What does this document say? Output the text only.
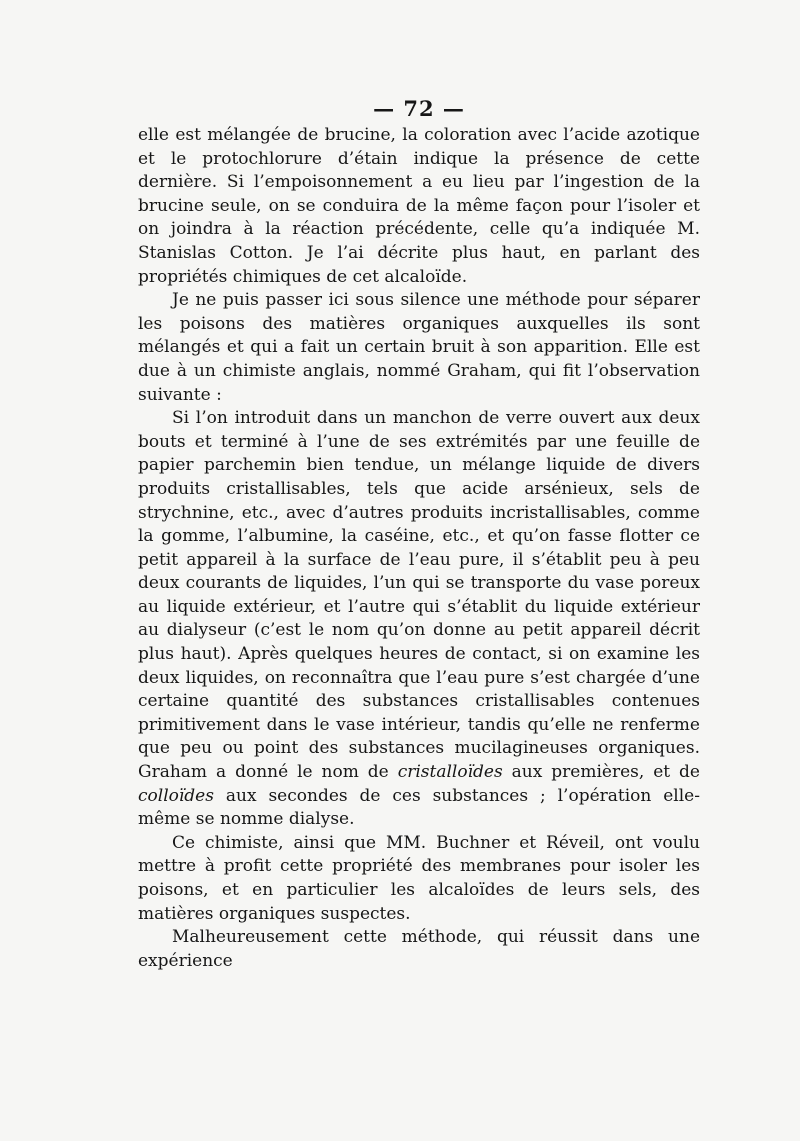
— 72 —

elle est mélangée de brucine, la coloration avec l’acide azotique et le protochlorure d’étain indique la présence de cette dernière. Si l’empoisonnement a eu lieu par l’ingestion de la brucine seule, on se conduira de la même façon pour l’isoler et on joindra à la réaction précédente, celle qu’a indiquée M. Stanislas Cotton. Je l’ai décrite plus haut, en parlant des propriétés chimiques de cet alcaloïde.

Je ne puis passer ici sous silence une méthode pour séparer les poisons des matières organiques auxquelles ils sont mélangés et qui a fait un certain bruit à son apparition. Elle est due à un chimiste anglais, nommé Graham, qui fit l’observation suivante :

Si l’on introduit dans un manchon de verre ouvert aux deux bouts et terminé à l’une de ses extrémités par une feuille de papier parchemin bien tendue, un mélange liquide de divers produits cristallisables, tels que acide arsénieux, sels de strychnine, etc., avec d’autres produits incristallisables, comme la gomme, l’albumine, la caséine, etc., et qu’on fasse flotter ce petit appareil à la surface de l’eau pure, il s’établit peu à peu deux courants de liquides, l’un qui se transporte du vase poreux au liquide extérieur, et l’autre qui s’établit du liquide extérieur au dialyseur (c’est le nom qu’on donne au petit appareil décrit plus haut). Après quelques heures de contact, si on examine les deux liquides, on reconnaîtra que l’eau pure s’est chargée d’une certaine quantité des substances cristallisables contenues primitivement dans le vase intérieur, tandis qu’elle ne renferme que peu ou point des substances mucilagineuses organiques. Graham a donné le nom de cristalloïdes aux premières, et de colloïdes aux secondes de ces substances ; l’opération elle-même se nomme dialyse.

Ce chimiste, ainsi que MM. Buchner et Réveil, ont voulu mettre à profit cette propriété des membranes pour isoler les poisons, et en particulier les alcaloïdes de leurs sels, des matières organiques suspectes.

Malheureusement cette méthode, qui réussit dans une expérience
